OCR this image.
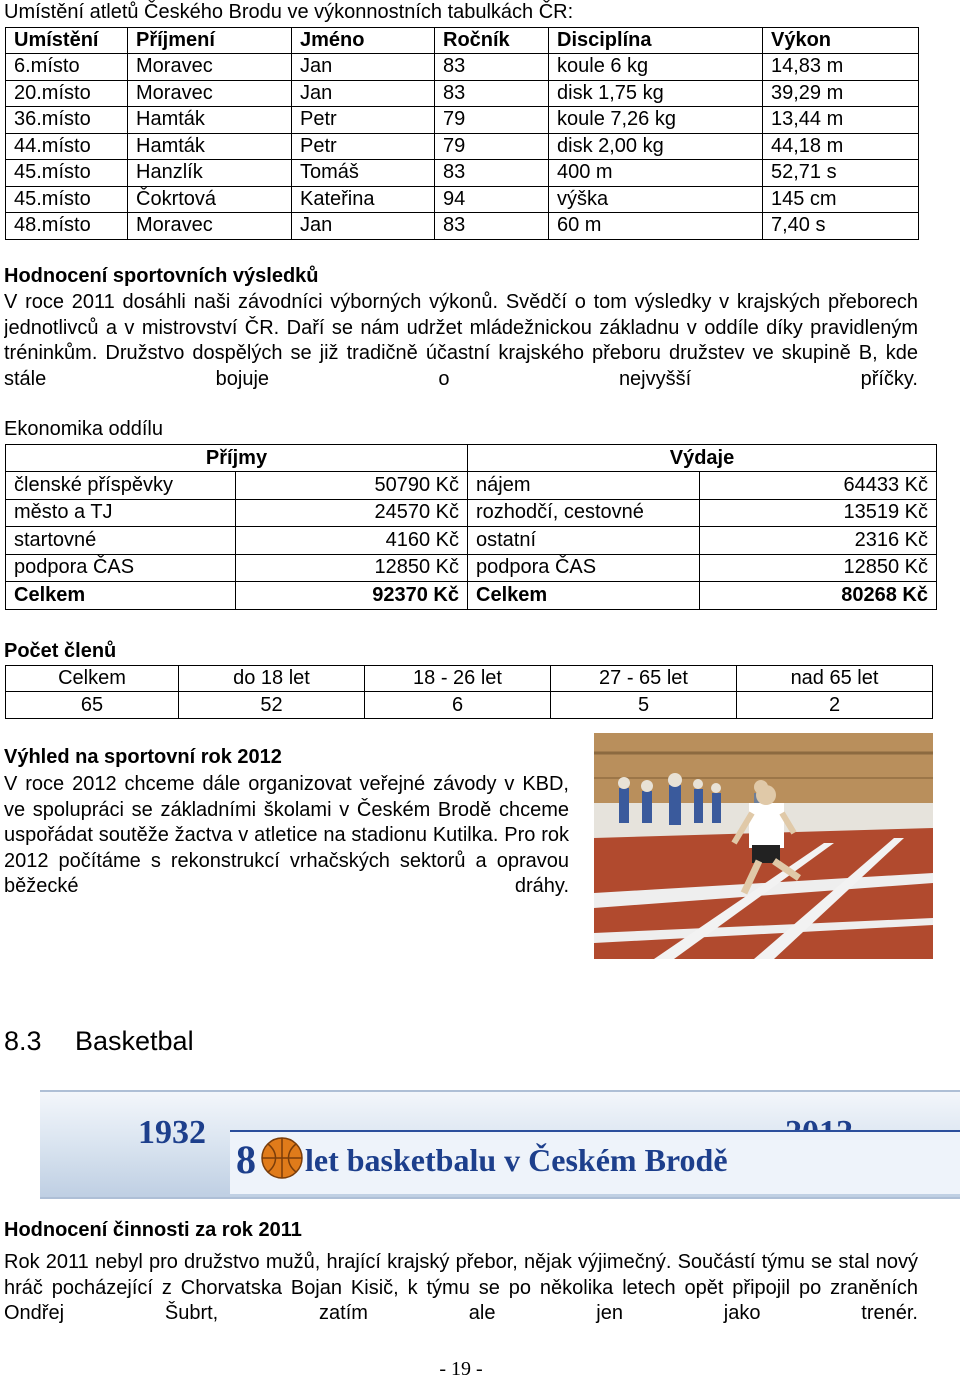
Umístění atletů Českého Brodu ve výkonnostních tabulkách ČR:
Umístění	Příjmení	Jméno	Ročník	Disciplína	Výkon
6.místo	Moravec	Jan	83	koule 6 kg	14,83 m
20.místo	Moravec	Jan	83	disk 1,75 kg	39,29 m
36.místo	Hamták	Petr	79	koule 7,26 kg	13,44 m
44.místo	Hamták	Petr	79	disk 2,00 kg	44,18 m
45.místo	Hanzlík	Tomáš	83	400 m	52,71 s
45.místo	Čokrtová	Kateřina	94	výška	145 cm
48.místo	Moravec	Jan	83	60 m	7,40 s
Hodnocení sportovních výsledků

V roce 2011 dosáhli naši závodníci výborných výkonů. Svědčí o tom výsledky v krajských přeborech jednotlivců a v mistrovství ČR. Daří se nám udržet mládežnickou základnu v oddíle díky pravidleným tréninkům. Družstvo dospělých se již tradičně účastní krajského přeboru družstev ve skupině B, kde stále bojuje o nejvyšší příčky.

Ekonomika oddílu
Příjmy		Výdaje	
členské příspěvky	50790 Kč	nájem	64433 Kč
město a TJ	24570 Kč	rozhodčí, cestovné	13519 Kč
startovné	4160 Kč	ostatní	2316 Kč
podpora ČAS	12850 Kč	podpora ČAS	12850 Kč
Celkem	92370 Kč	Celkem	80268 Kč
Počet členů
Celkem	do 18 let	18 - 26 let	27 - 65 let	nad 65 let
65	52	6	5	2
Výhled na sportovní rok 2012

V roce 2012 chceme dále organizovat veřejné závody v KBD, ve spolupráci se základními školami v Českém Brodě chceme uspořádat soutěže žactva v atletice na stadionu Kutilka. Pro rok 2012 počítáme s rekonstrukcí vrhačských sektorů a opravou běžecké dráhy.

8.3 Basketbal
1932
8 let basketbalu v Českém Brodě
Hodnocení činnosti za rok 2011

Rok 2011 nebyl pro družstvo mužů, hrající krajský přebor, nějak výjimečný. Součástí týmu se stal nový hráč pocházející z Chorvatska Bojan Kisič, k týmu se po několika letech opět připojil po zraněních Ondřej Šubrt, zatím ale jen jako trenér.

- 19 -
